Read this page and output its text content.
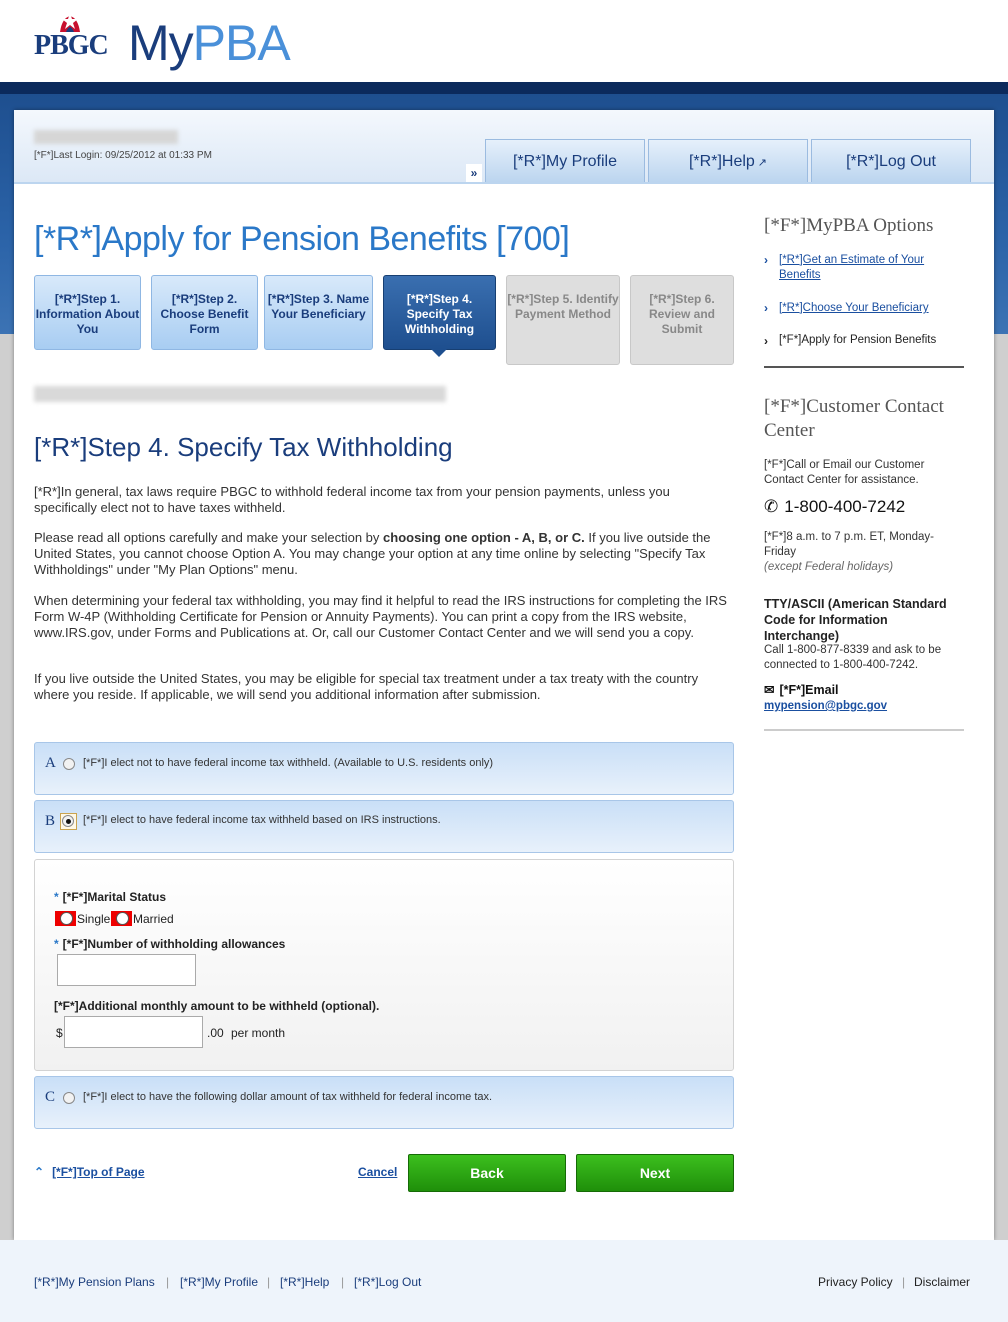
PBGC MyPBA
[*F*]Last Login: 09/25/2012 at 01:33 PM
»
[*R*]My Profile	[*R*]Help ↗	[*R*]Log Out
[*R*]Apply for Pension Benefits [700]
[*R*]Step 1. Information About You
[*R*]Step 2. Choose Benefit Form
[*R*]Step 3. Name Your Beneficiary
[*R*]Step 4. Specify Tax Withholding
[*R*]Step 5. Identify Payment Method
[*R*]Step 6. Review and Submit
[*R*]Step 4. Specify Tax Withholding

[*R*]In general, tax laws require PBGC to withhold federal income tax from your pension payments, unless you specifically elect not to have taxes withheld.

Please read all options carefully and make your selection by choosing one option - A, B, or C. If you live outside the United States, you cannot choose Option A. You may change your option at any time online by selecting "Specify Tax Withholdings" under "My Plan Options" menu.

When determining your federal tax withholding, you may find it helpful to read the IRS instructions for completing the IRS Form W-4P (Withholding Certificate for Pension or Annuity Payments). You can print a copy from the IRS website, www.IRS.gov, under Forms and Publications at. Or, call our Customer Contact Center and we will send you a copy.

If you live outside the United States, you may be eligible for special tax treatment under a tax treaty with the country where you reside. If applicable, we will send you additional information after submission.

A [*F*]I elect not to have federal income tax withheld. (Available to U.S. residents only)
B	[*F*]I elect to have federal income tax withheld based on IRS instructions.
* [*F*]Marital Status
Single Married
* [*F*]Number of withholding allowances
[*F*]Additional monthly amount to be withheld (optional).
$	.00 per month
C	[*F*]I elect to have the following dollar amount of tax withheld for federal income tax.
⌃ [*F*]Top of Page	Cancel	Back	Next
[*F*]MyPBA Options
› [*R*]Get an Estimate of Your Benefits
› [*R*]Choose Your Beneficiary
› [*F*]Apply for Pension Benefits
[*F*]Customer Contact Center
[*F*]Call or Email our Customer Contact Center for assistance.
✆ 1-800-400-7242
[*F*]8 a.m. to 7 p.m. ET, Monday-Friday
(except Federal holidays)
TTY/ASCII (American Standard Code for Information Interchange)
Call 1-800-877-8339 and ask to be connected to 1-800-400-7242.
✉ [*F*]Email
mypension@pbgc.gov
[*R*]My Pension Plans | [*R*]My Profile | [*R*]Help | [*R*]Log Out	Privacy Policy | Disclaimer
